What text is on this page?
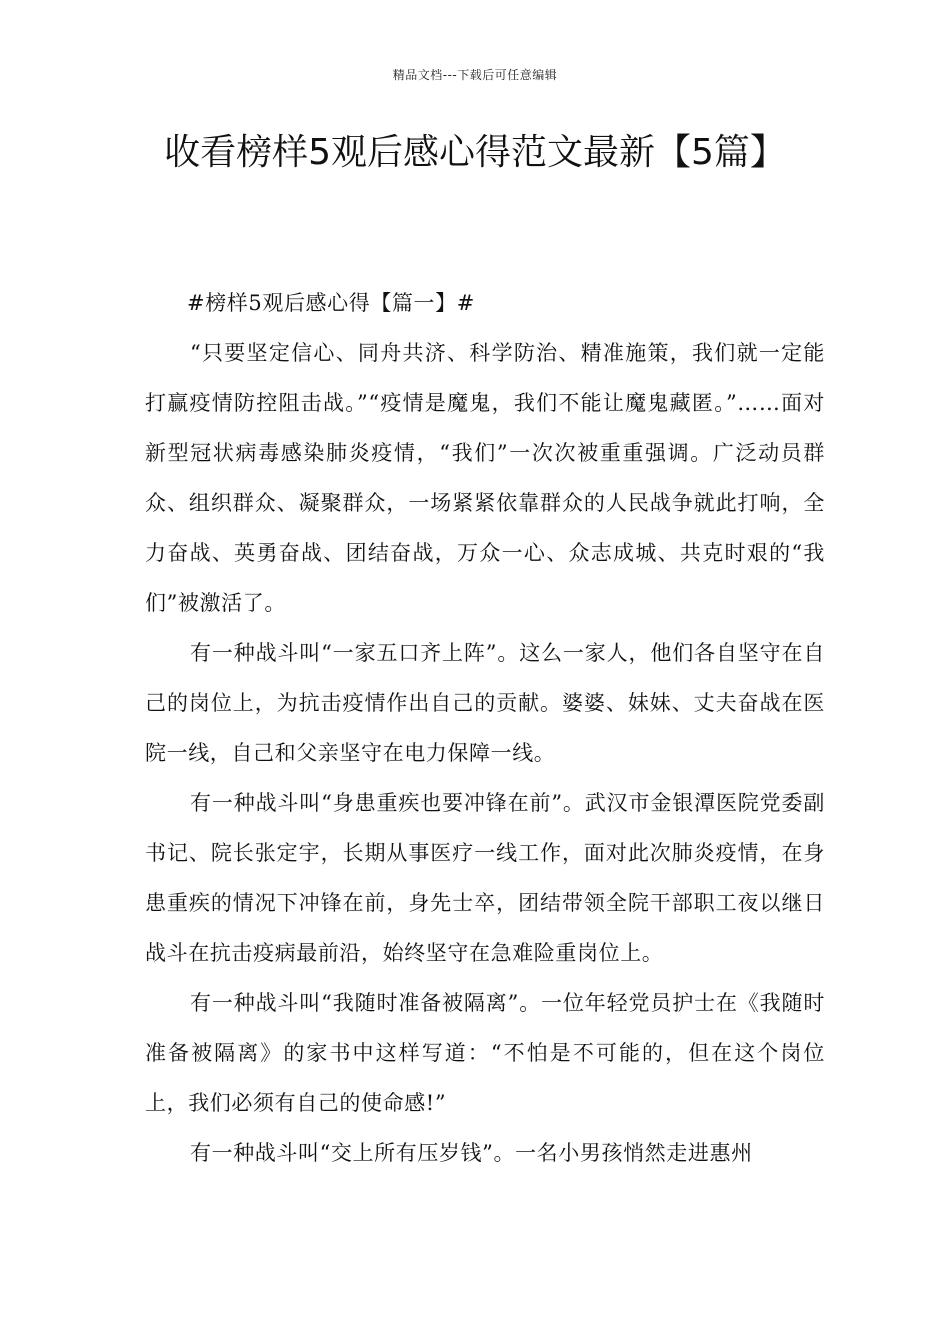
精品文档---下载后可任意编辑
收看榜样5观后感心得范文最新【5篇】

#榜样5观后感心得【篇一】#

“只要坚定信心、同舟共济、科学防治、精准施策，我们就一定能打赢疫情防控阻击战。”“疫情是魔鬼，我们不能让魔鬼藏匿。”……面对新型冠状病毒感染肺炎疫情，“我们”一次次被重重强调。广泛动员群众、组织群众、凝聚群众，一场紧紧依靠群众的人民战争就此打响，全力奋战、英勇奋战、团结奋战，万众一心、众志成城、共克时艰的“我们”被激活了。

有一种战斗叫“一家五口齐上阵”。这么一家人，他们各自坚守在自己的岗位上，为抗击疫情作出自己的贡献。婆婆、妹妹、丈夫奋战在医院一线，自己和父亲坚守在电力保障一线。

有一种战斗叫“身患重疾也要冲锋在前”。武汉市金银潭医院党委副书记、院长张定宇，长期从事医疗一线工作，面对此次肺炎疫情，在身患重疾的情况下冲锋在前，身先士卒，团结带领全院干部职工夜以继日战斗在抗击疫病最前沿，始终坚守在急难险重岗位上。

有一种战斗叫“我随时准备被隔离”。一位年轻党员护士在《我随时准备被隔离》的家书中这样写道：“不怕是不可能的，但在这个岗位上，我们必须有自己的使命感!”

有一种战斗叫“交上所有压岁钱”。一名小男孩悄然走进惠州
